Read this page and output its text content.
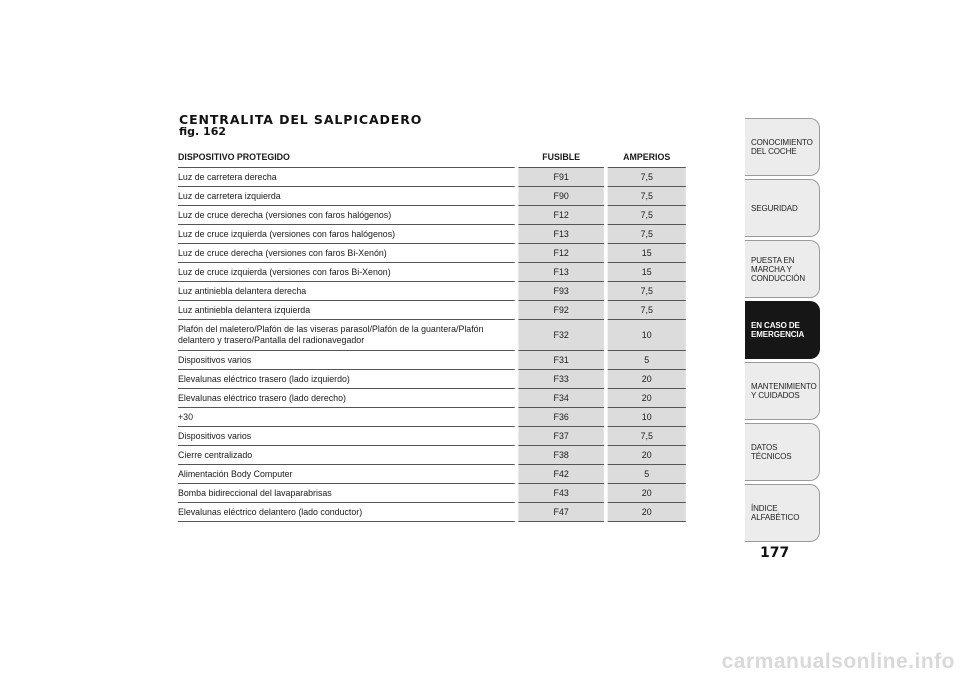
CENTRALITA DEL SALPICADERO
fig. 162
DISPOSITIVO PROTEGIDO	FUSIBLE	AMPERIOS
Luz de carretera derecha	F91	7,5
Luz de carretera izquierda	F90	7,5
Luz de cruce derecha (versiones con faros halógenos)	F12	7,5
Luz de cruce izquierda (versiones con faros halógenos)	F13	7,5
Luz de cruce derecha (versiones con faros Bi-Xenón)	F12	15
Luz de cruce izquierda (versiones con faros Bi-Xenon)	F13	15
Luz antiniebla delantera derecha	F93	7,5
Luz antiniebla delantera izquierda	F92	7,5
Plafón del maletero/Plafón de las viseras parasol/Plafón de la guantera/Plafón delantero y trasero/Pantalla del radionavegador	F32	10
Dispositivos varios	F31	5
Elevalunas eléctrico trasero (lado izquierdo)	F33	20
Elevalunas eléctrico trasero (lado derecho)	F34	20
+30	F36	10
Dispositivos varios	F37	7,5
Cierre centralizado	F38	20
Alimentación Body Computer	F42	5
Bomba bidireccional del lavaparabrisas	F43	20
Elevalunas eléctrico delantero (lado conductor)	F47	20
CONOCIMIENTO DEL COCHE
SEGURIDAD
PUESTA EN MARCHA Y CONDUCCIÓN
EN CASO DE EMERGENCIA
MANTENIMIENTO Y CUIDADOS
DATOS TÉCNICOS
ÍNDICE ALFABÉTICO
177
carmanualsonline.info
